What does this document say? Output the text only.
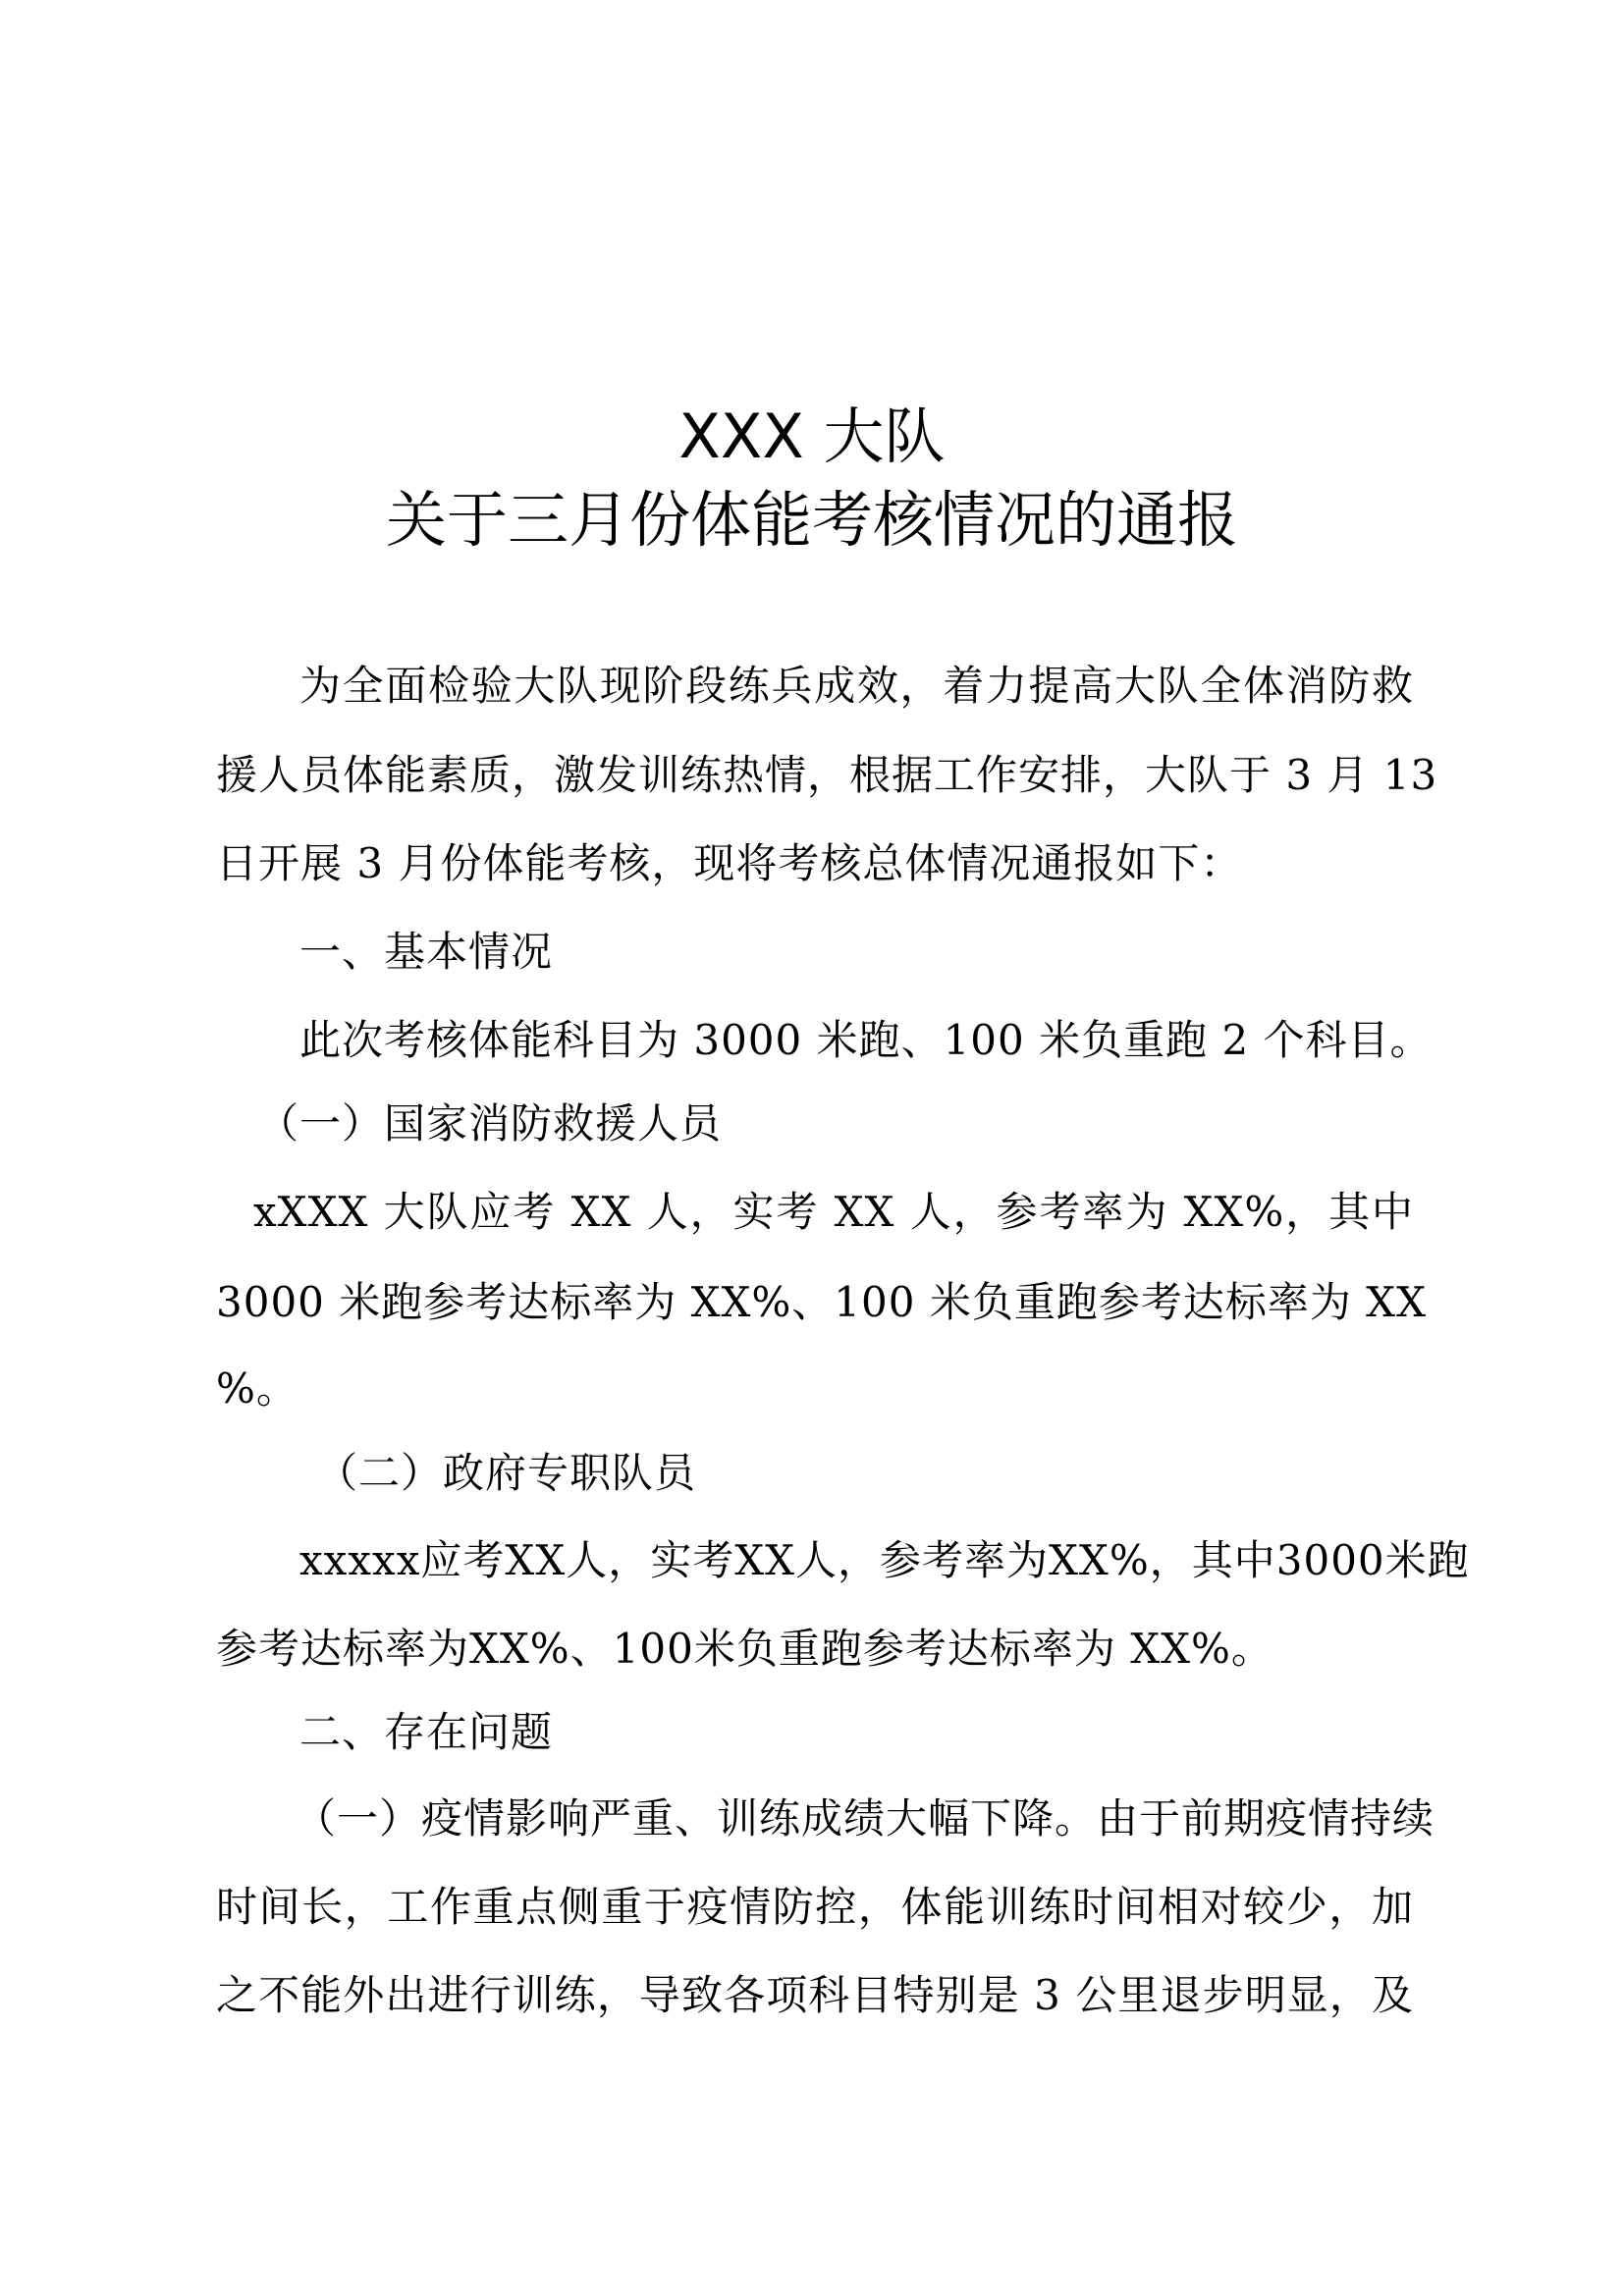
XXX 大队
关于三月份体能考核情况的通报
为全面检验大队现阶段练兵成效，着力提高大队全体消防救
援人员体能素质，激发训练热情，根据工作安排，大队于 3 月 13
日开展 3 月份体能考核，现将考核总体情况通报如下：
一、基本情况
此次考核体能科目为 3000 米跑、100 米负重跑 2 个科目。
（一）国家消防救援人员
xXXX 大队应考 XX 人，实考 XX 人，参考率为 XX%，其中
3000 米跑参考达标率为 XX%、100 米负重跑参考达标率为 XX
%。
（二）政府专职队员
xxxxx应考XX人，实考XX人，参考率为XX%，其中3000米跑
参考达标率为XX%、100米负重跑参考达标率为 XX%。
二、存在问题
（一）疫情影响严重、训练成绩大幅下降。由于前期疫情持续
时间长，工作重点侧重于疫情防控，体能训练时间相对较少，加
之不能外出进行训练，导致各项科目特别是 3 公里退步明显，及
